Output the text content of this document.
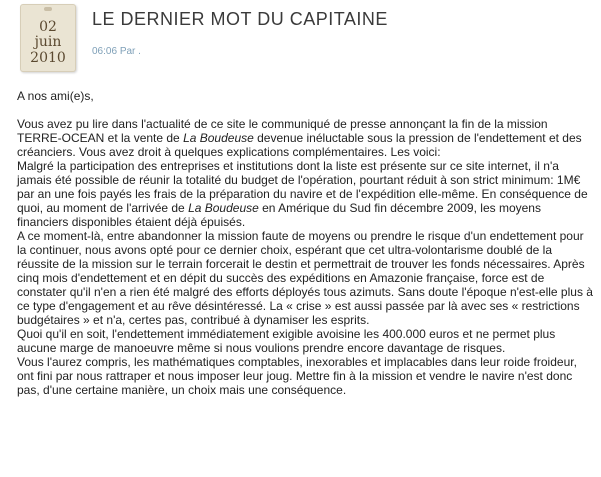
02
juin
2010
LE DERNIER MOT DU CAPITAINE
06:06 Par .

A nos ami(e)s,

Vous avez pu lire dans l'actualité de ce site le communiqué de presse annonçant la fin de la mission TERRE-OCEAN et la vente de La Boudeuse devenue inéluctable sous la pression de l'endettement et des créanciers. Vous avez droit à quelques explications complémentaires. Les voici:

Malgré la participation des entreprises et institutions dont la liste est présente sur ce site internet, il n'a jamais été possible de réunir la totalité du budget de l'opération, pourtant réduit à son strict minimum: 1M€ par an une fois payés les frais de la préparation du navire et de l'expédition elle-même. En conséquence de quoi, au moment de l'arrivée de La Boudeuse en Amérique du Sud fin décembre 2009, les moyens financiers disponibles étaient déjà épuisés.

A ce moment-là, entre abandonner la mission faute de moyens ou prendre le risque d'un endettement pour la continuer, nous avons opté pour ce dernier choix, espérant que cet ultra-volontarisme doublé de la réussite de la mission sur le terrain forcerait le destin et permettrait de trouver les fonds nécessaires. Après cinq mois d'endettement et en dépit du succès des expéditions en Amazonie française, force est de constater qu'il n'en a rien été malgré des efforts déployés tous azimuts. Sans doute l'époque n'est-elle plus à ce type d'engagement et au rêve désintéressé. La « crise » est aussi passée par là avec ses « restrictions budgétaires » et n'a, certes pas, contribué à dynamiser les esprits.

Quoi qu'il en soit, l'endettement immédiatement exigible avoisine les 400.000 euros et ne permet plus aucune marge de manoeuvre même si nous voulions prendre encore davantage de risques.

Vous l'aurez compris, les mathématiques comptables, inexorables et implacables dans leur roide froideur, ont fini par nous rattraper et nous imposer leur joug. Mettre fin à la mission et vendre le navire n'est donc pas, d'une certaine manière, un choix mais une conséquence.
